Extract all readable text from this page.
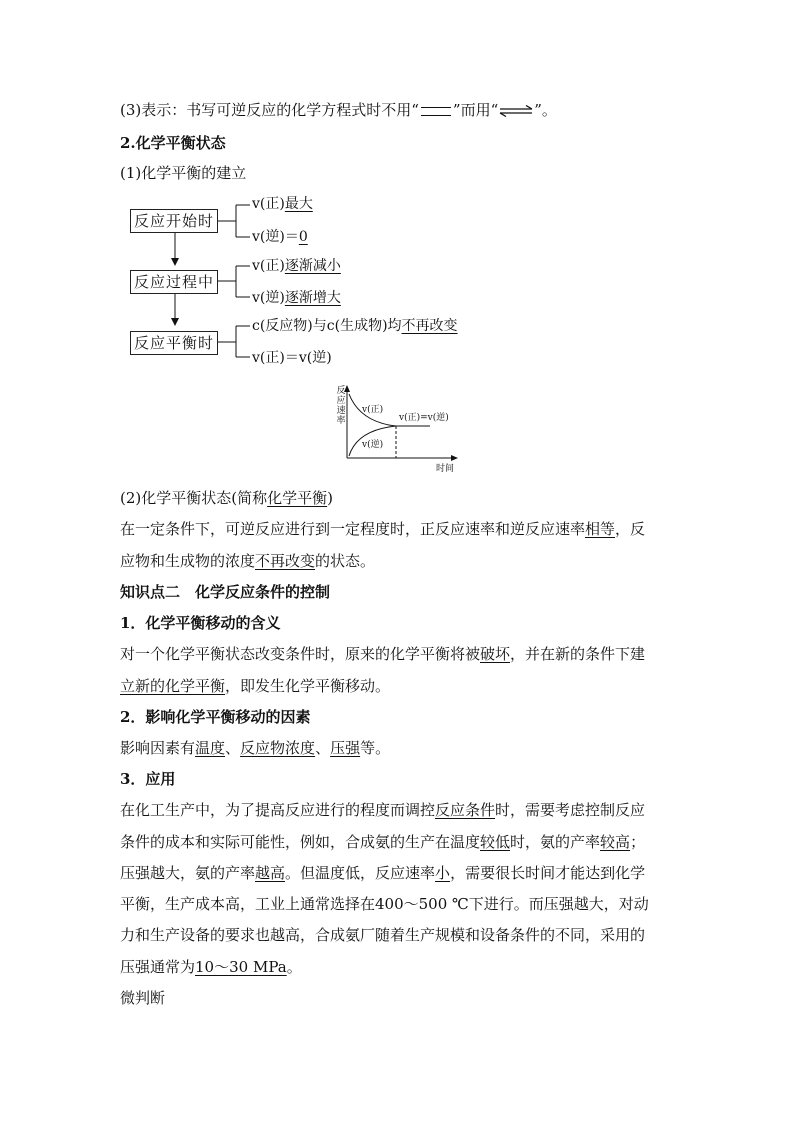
(3)表示：书写可逆反应的化学方程式时不用“ ”而用“⇌”。
2.化学平衡状态
(1)化学平衡的建立
反应开始时
反应过程中
反应平衡时
v(正)最大
v(逆)＝0
v(正)逐渐减小
v(逆)逐渐增大
c(反应物)与c(生成物)均不再改变
v(正)＝v(逆)
反
应
速
率
v(正)
v(逆)
v(正)=v(逆)
时间
(2)化学平衡状态(简称化学平衡)
在一定条件下，可逆反应进行到一定程度时，正反应速率和逆反应速率相等，反
应物和生成物的浓度不再改变的状态。
知识点二　化学反应条件的控制
1．化学平衡移动的含义
对一个化学平衡状态改变条件时，原来的化学平衡将被破坏，并在新的条件下建
立新的化学平衡，即发生化学平衡移动。
2．影响化学平衡移动的因素
影响因素有温度、反应物浓度、压强等。
3．应用
在化工生产中，为了提高反应进行的程度而调控反应条件时，需要考虑控制反应
条件的成本和实际可能性，例如，合成氨的生产在温度较低时，氨的产率较高；
压强越大，氨的产率越高。但温度低，反应速率小，需要很长时间才能达到化学
平衡，生产成本高，工业上通常选择在400～500 ℃下进行。而压强越大，对动
力和生产设备的要求也越高，合成氨厂随着生产规模和设备条件的不同，采用的
压强通常为10～30 MPa。
微判断
